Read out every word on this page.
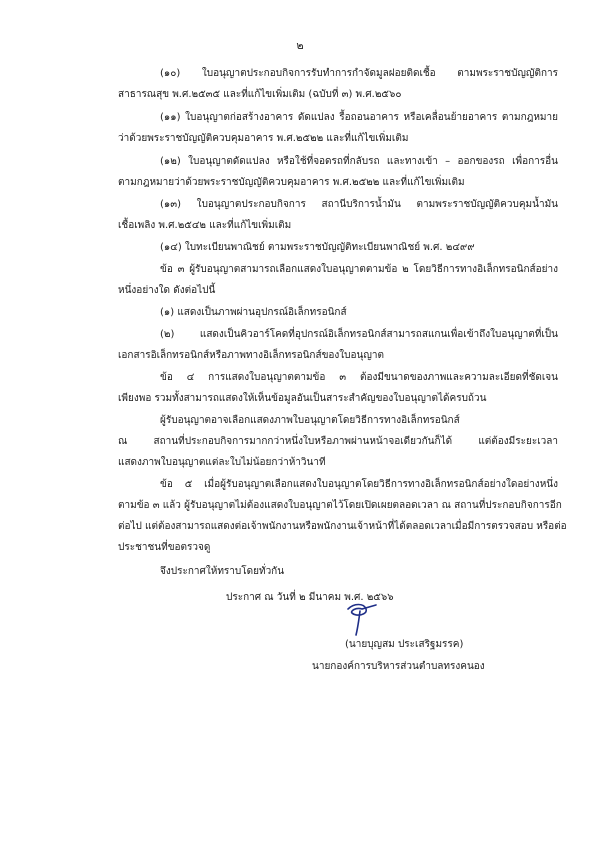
๒
(๑๐) ใบอนุญาตประกอบกิจการรับทำการกำจัดมูลฝอยติดเชื้อ ตามพระราชบัญญัติการ
สาธารณสุข พ.ศ.๒๕๓๕ และที่แก้ไขเพิ่มเติม (ฉบับที่ ๓) พ.ศ.๒๕๖๐
(๑๑) ใบอนุญาตก่อสร้างอาคาร ดัดแปลง รื้อถอนอาคาร หรือเคลื่อนย้ายอาคาร ตามกฎหมาย
ว่าด้วยพระราชบัญญัติควบคุมอาคาร พ.ศ.๒๕๒๒ และที่แก้ไขเพิ่มเติม
(๑๒) ใบอนุญาตดัดแปลง หรือใช้ที่จอดรถที่กลับรถ และทางเข้า – ออกของรถ เพื่อการอื่น
ตามกฎหมายว่าด้วยพระราชบัญญัติควบคุมอาคาร พ.ศ.๒๕๒๒ และที่แก้ไขเพิ่มเติม
(๑๓) ใบอนุญาตประกอบกิจการ สถานีบริการน้ำมัน ตามพระราชบัญญัติควบคุมน้ำมัน
เชื้อเพลิง พ.ศ.๒๕๔๒ และที่แก้ไขเพิ่มเติม
(๑๔) ใบทะเบียนพาณิชย์ ตามพระราชบัญญัติทะเบียนพาณิชย์ พ.ศ. ๒๔๙๙
ข้อ ๓ ผู้รับอนุญาตสามารถเลือกแสดงใบอนุญาตตามข้อ ๒ โดยวิธีการทางอิเล็กทรอนิกส์อย่าง
หนึ่งอย่างใด ดังต่อไปนี้
(๑) แสดงเป็นภาพผ่านอุปกรณ์อิเล็กทรอนิกส์
(๒) แสดงเป็นคิวอาร์โคดที่อุปกรณ์อิเล็กทรอนิกส์สามารถสแกนเพื่อเข้าถึงใบอนุญาตที่เป็น
เอกสารอิเล็กทรอนิกส์หรือภาพทางอิเล็กทรอนิกส์ของใบอนุญาต
ข้อ ๔ การแสดงใบอนุญาตตามข้อ ๓ ต้องมีขนาดของภาพและความละเอียดที่ชัดเจน
เพียงพอ รวมทั้งสามารถแสดงให้เห็นข้อมูลอันเป็นสาระสำคัญของใบอนุญาตได้ครบถ้วน
ผู้รับอนุญาตอาจเลือกแสดงภาพใบอนุญาตโดยวิธีการทางอิเล็กทรอนิกส์
ณ สถานที่ประกอบกิจการมากกว่าหนึ่งใบหรือภาพผ่านหน้าจอเดียวกันก็ได้ แต่ต้องมีระยะเวลา
แสดงภาพใบอนุญาตแต่ละใบไม่น้อยกว่าห้าวินาที
ข้อ ๕ เมื่อผู้รับอนุญาตเลือกแสดงใบอนุญาตโดยวิธีการทางอิเล็กทรอนิกส์อย่างใดอย่างหนึ่ง
ตามข้อ ๓ แล้ว ผู้รับอนุญาตไม่ต้องแสดงใบอนุญาตไว้โดยเปิดเผยตลอดเวลา ณ สถานที่ประกอบกิจการอีก
ต่อไป แต่ต้องสามารถแสดงต่อเจ้าพนักงานหรือพนักงานเจ้าหน้าที่ได้ตลอดเวลาเมื่อมีการตรวจสอบ หรือต่อ
ประชาชนที่ขอตรวจดู
จึงประกาศให้ทราบโดยทั่วกัน
ประกาศ ณ วันที่ ๒ มีนาคม พ.ศ. ๒๕๖๖
(นายบุญสม ประเสริฐมรรค)
นายกองค์การบริหารส่วนตำบลทรงคนอง
